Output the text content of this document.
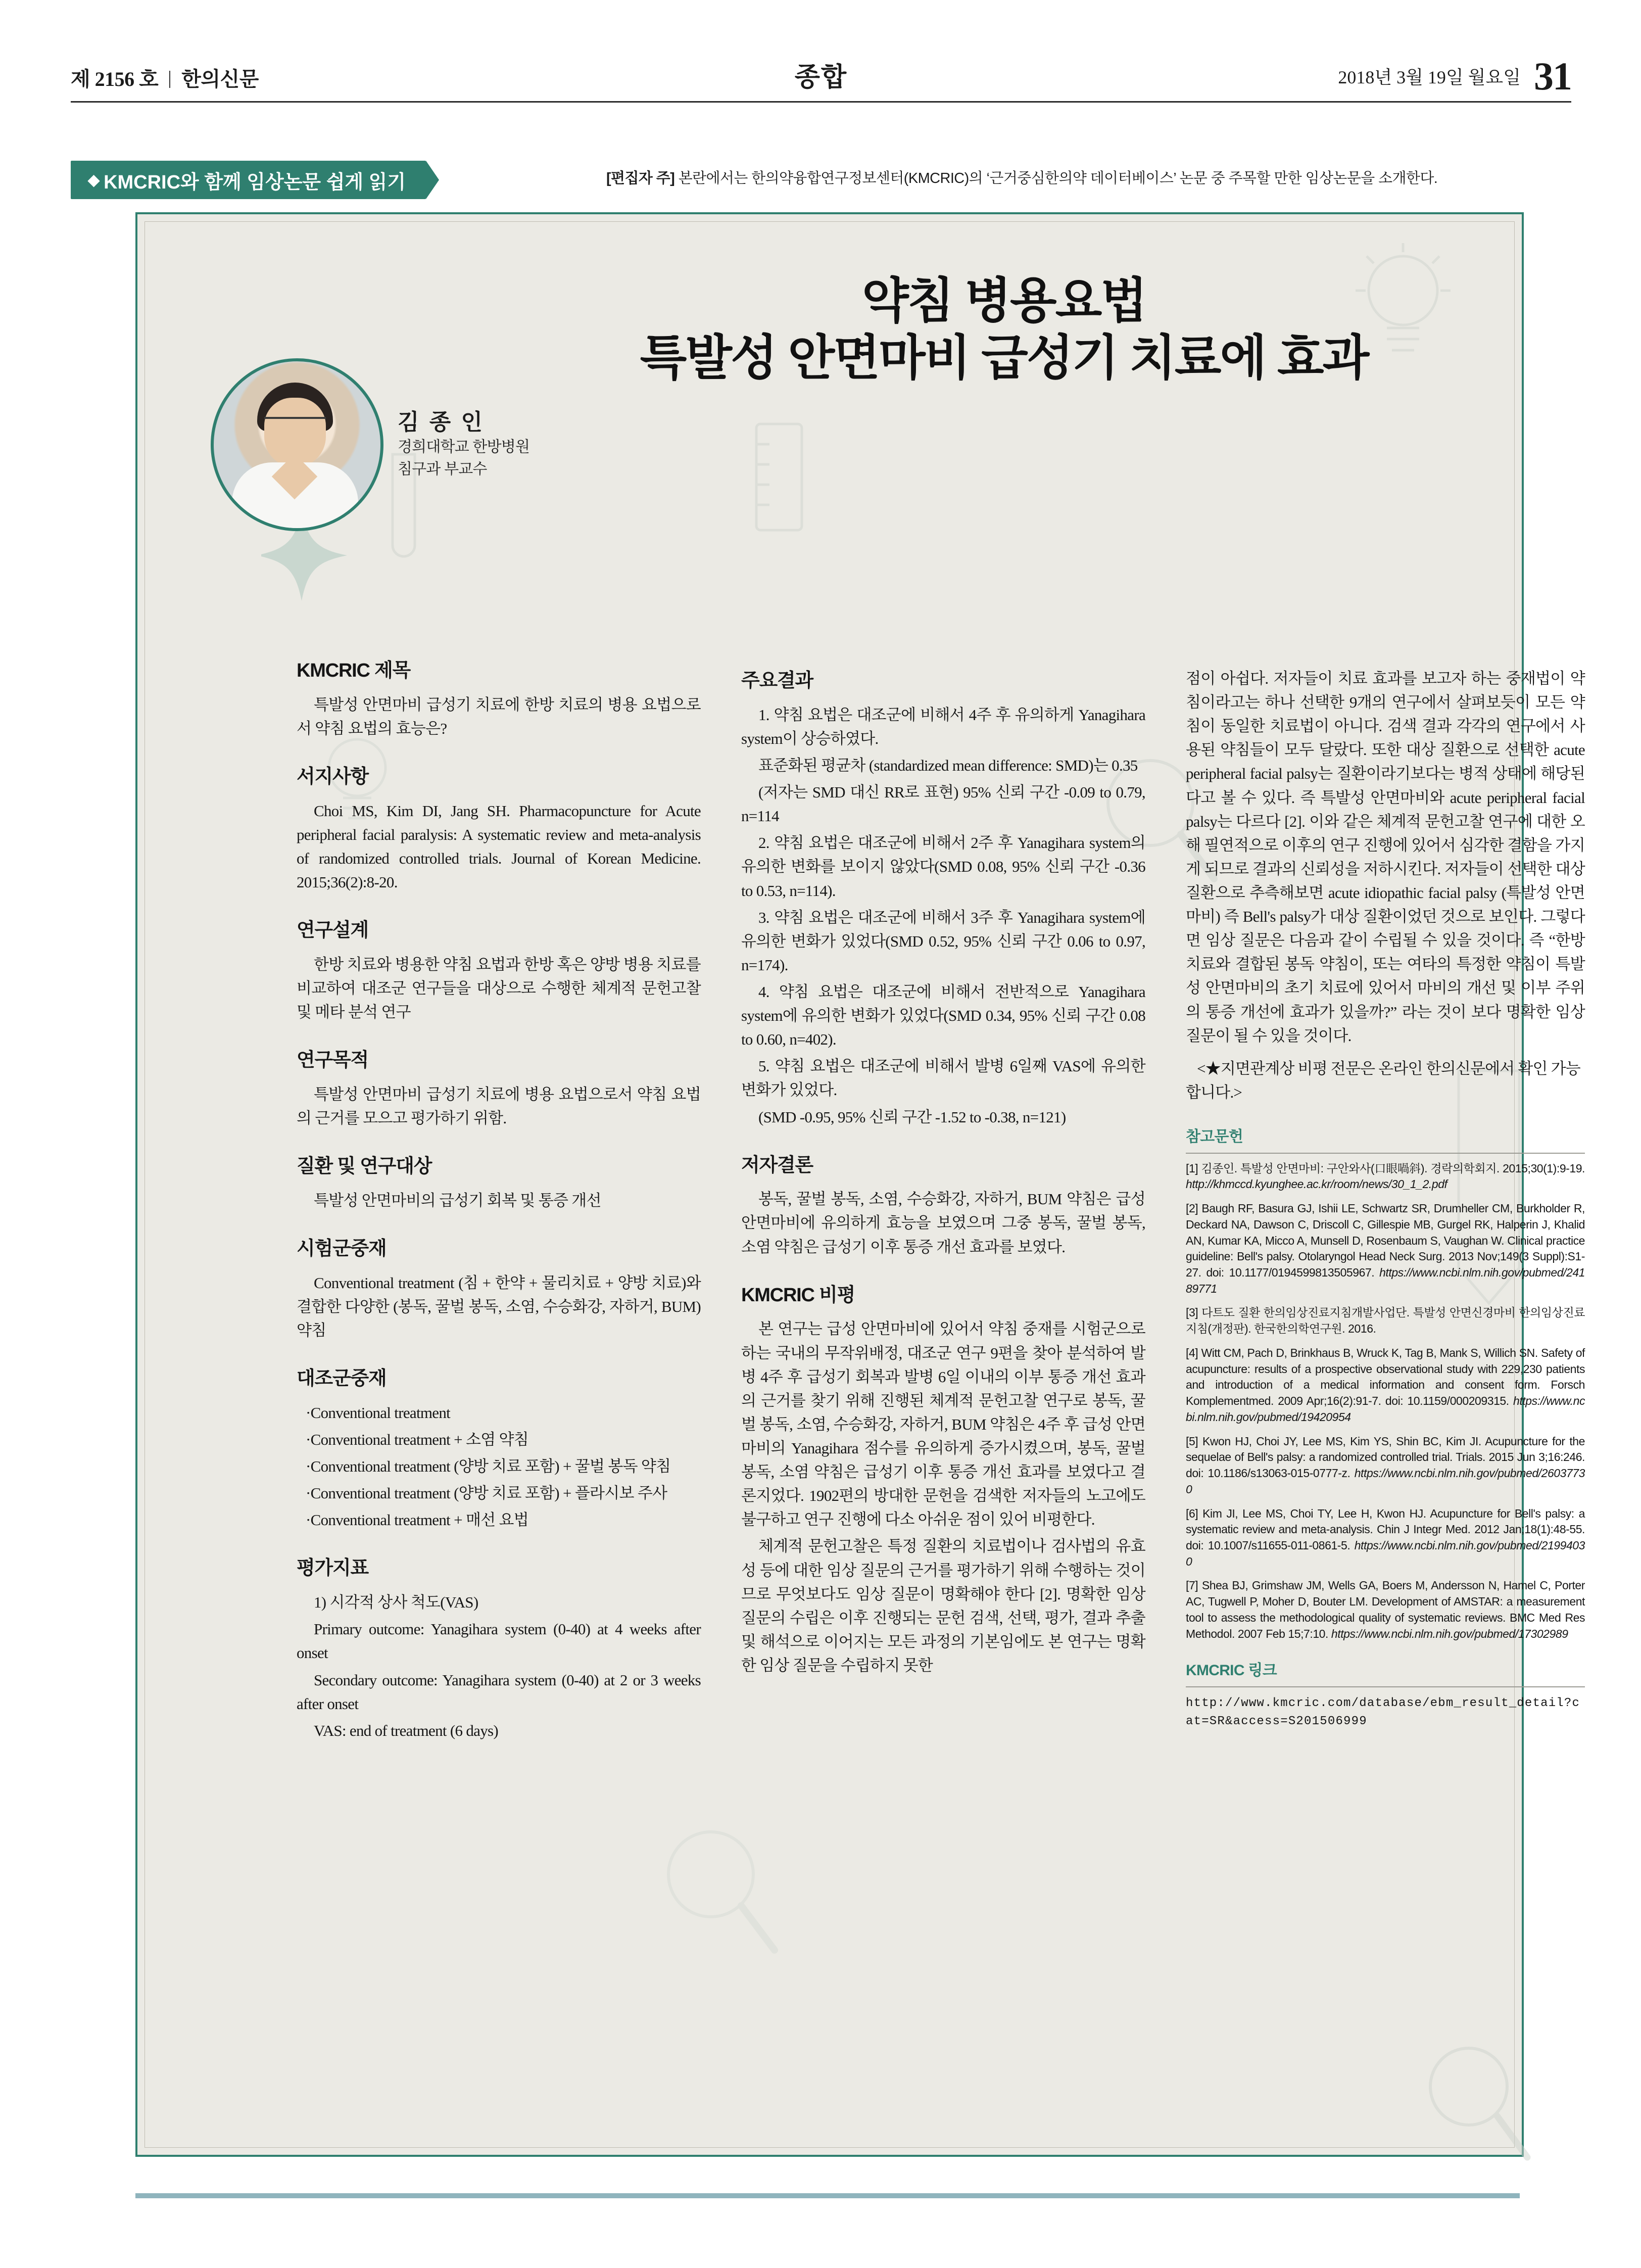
제 2156 호 한의신문	종합	2018년 3월 19일 월요일 31
◆ KMCRIC와 함께 임상논문 쉽게 읽기	[편집자 주] 본란에서는 한의약융합연구정보센터(KMCRIC)의 ‘근거중심한의약 데이터베이스’ 논문 중 주목할 만한 임상논문을 소개한다.
약침 병용요법
특발성 안면마비 급성기 치료에 효과
김 종 인
경희대학교 한방병원
침구과 부교수
KMCRIC 제목

특발성 안면마비 급성기 치료에 한방 치료의 병용 요법으로서 약침 요법의 효능은?

서지사항

Choi MS, Kim DI, Jang SH. Pharmacopuncture for Acute peripheral facial paralysis: A systematic review and meta-analysis of randomized controlled trials. Journal of Korean Medicine. 2015;36(2):8-20.

연구설계

한방 치료와 병용한 약침 요법과 한방 혹은 양방 병용 치료를 비교하여 대조군 연구들을 대상으로 수행한 체계적 문헌고찰 및 메타 분석 연구

연구목적

특발성 안면마비 급성기 치료에 병용 요법으로서 약침 요법의 근거를 모으고 평가하기 위함.

질환 및 연구대상

특발성 안면마비의 급성기 회복 및 통증 개선

시험군중재

Conventional treatment (침 + 한약 + 물리치료 + 양방 치료)와 결합한 다양한 (봉독, 꿀벌 봉독, 소염, 수승화강, 자하거, BUM) 약침

대조군중재

·Conventional treatment

·Conventional treatment + 소염 약침

·Conventional treatment (양방 치료 포함) + 꿀벌 봉독 약침

·Conventional treatment (양방 치료 포함) + 플라시보 주사

·Conventional treatment + 매선 요법

평가지표

1) 시각적 상사 척도(VAS)

Primary outcome: Yanagihara system (0-40) at 4 weeks after onset

Secondary outcome: Yanagihara system (0-40) at 2 or 3 weeks after onset

VAS: end of treatment (6 days)

주요결과

1. 약침 요법은 대조군에 비해서 4주 후 유의하게 Yanagihara system이 상승하였다.

표준화된 평균차 (standardized mean difference: SMD)는 0.35

(저자는 SMD 대신 RR로 표현) 95% 신뢰 구간 -0.09 to 0.79, n=114

2. 약침 요법은 대조군에 비해서 2주 후 Yanagihara system의 유의한 변화를 보이지 않았다(SMD 0.08, 95% 신뢰 구간 -0.36 to 0.53, n=114).

3. 약침 요법은 대조군에 비해서 3주 후 Yanagihara system에 유의한 변화가 있었다(SMD 0.52, 95% 신뢰 구간 0.06 to 0.97, n=174).

4. 약침 요법은 대조군에 비해서 전반적으로 Yanagihara system에 유의한 변화가 있었다(SMD 0.34, 95% 신뢰 구간 0.08 to 0.60, n=402).

5. 약침 요법은 대조군에 비해서 발병 6일째 VAS에 유의한 변화가 있었다.

(SMD -0.95, 95% 신뢰 구간 -1.52 to -0.38, n=121)

저자결론

봉독, 꿀벌 봉독, 소염, 수승화강, 자하거, BUM 약침은 급성 안면마비에 유의하게 효능을 보였으며 그중 봉독, 꿀벌 봉독, 소염 약침은 급성기 이후 통증 개선 효과를 보였다.

KMCRIC 비평

본 연구는 급성 안면마비에 있어서 약침 중재를 시험군으로 하는 국내의 무작위배정, 대조군 연구 9편을 찾아 분석하여 발병 4주 후 급성기 회복과 발병 6일 이내의 이부 통증 개선 효과의 근거를 찾기 위해 진행된 체계적 문헌고찰 연구로 봉독, 꿀벌 봉독, 소염, 수승화강, 자하거, BUM 약침은 4주 후 급성 안면마비의 Yanagihara 점수를 유의하게 증가시켰으며, 봉독, 꿀벌 봉독, 소염 약침은 급성기 이후 통증 개선 효과를 보였다고 결론지었다. 1902편의 방대한 문헌을 검색한 저자들의 노고에도 불구하고 연구 진행에 다소 아쉬운 점이 있어 비평한다.

체계적 문헌고찰은 특정 질환의 치료법이나 검사법의 유효성 등에 대한 임상 질문의 근거를 평가하기 위해 수행하는 것이므로 무엇보다도 임상 질문이 명확해야 한다 [2]. 명확한 임상 질문의 수립은 이후 진행되는 문헌 검색, 선택, 평가, 결과 추출 및 해석으로 이어지는 모든 과정의 기본임에도 본 연구는 명확한 임상 질문을 수립하지 못한

점이 아쉽다. 저자들이 치료 효과를 보고자 하는 중재법이 약침이라고는 하나 선택한 9개의 연구에서 살펴보듯이 모든 약침이 동일한 치료법이 아니다. 검색 결과 각각의 연구에서 사용된 약침들이 모두 달랐다. 또한 대상 질환으로 선택한 acute peripheral facial palsy는 질환이라기보다는 병적 상태에 해당된다고 볼 수 있다. 즉 특발성 안면마비와 acute peripheral facial palsy는 다르다 [2]. 이와 같은 체계적 문헌고찰 연구에 대한 오해 필연적으로 이후의 연구 진행에 있어서 심각한 결함을 가지게 되므로 결과의 신뢰성을 저하시킨다. 저자들이 선택한 대상 질환으로 추측해보면 acute idiopathic facial palsy (특발성 안면마비) 즉 Bell's palsy가 대상 질환이었던 것으로 보인다. 그렇다면 임상 질문은 다음과 같이 수립될 수 있을 것이다. 즉 “한방 치료와 결합된 봉독 약침이, 또는 여타의 특정한 약침이 특발성 안면마비의 초기 치료에 있어서 마비의 개선 및 이부 주위의 통증 개선에 효과가 있을까?” 라는 것이 보다 명확한 임상 질문이 될 수 있을 것이다.

<★지면관계상 비평 전문은 온라인 한의신문에서 확인 가능합니다.>

참고문헌
[1] 김종인. 특발성 안면마비: 구안와사(口眼喎斜). 경락의학회지. 2015;30(1):9-19. http://khmccd.kyunghee.ac.kr/room/news/30_1_2.pdf
[2] Baugh RF, Basura GJ, Ishii LE, Schwartz SR, Drumheller CM, Burkholder R, Deckard NA, Dawson C, Driscoll C, Gillespie MB, Gurgel RK, Halperin J, Khalid AN, Kumar KA, Micco A, Munsell D, Rosenbaum S, Vaughan W. Clinical practice guideline: Bell's palsy. Otolaryngol Head Neck Surg. 2013 Nov;149(3 Suppl):S1-27. doi: 10.1177/0194599813505967. https://www.ncbi.nlm.nih.gov/pubmed/24189771
[3] 다트도 질환 한의임상진료지침개발사업단. 특발성 안면신경마비 한의임상진료지침(개정판). 한국한의학연구원. 2016.
[4] Witt CM, Pach D, Brinkhaus B, Wruck K, Tag B, Mank S, Willich SN. Safety of acupuncture: results of a prospective observational study with 229,230 patients and introduction of a medical information and consent form. Forsch Komplementmed. 2009 Apr;16(2):91-7. doi: 10.1159/000209315. https://www.ncbi.nlm.nih.gov/pubmed/19420954
[5] Kwon HJ, Choi JY, Lee MS, Kim YS, Shin BC, Kim JI. Acupuncture for the sequelae of Bell's palsy: a randomized controlled trial. Trials. 2015 Jun 3;16:246. doi: 10.1186/s13063-015-0777-z. https://www.ncbi.nlm.nih.gov/pubmed/26037730
[6] Kim JI, Lee MS, Choi TY, Lee H, Kwon HJ. Acupuncture for Bell's palsy: a systematic review and meta-analysis. Chin J Integr Med. 2012 Jan;18(1):48-55. doi: 10.1007/s11655-011-0861-5. https://www.ncbi.nlm.nih.gov/pubmed/21994030
[7] Shea BJ, Grimshaw JM, Wells GA, Boers M, Andersson N, Hamel C, Porter AC, Tugwell P, Moher D, Bouter LM. Development of AMSTAR: a measurement tool to assess the methodological quality of systematic reviews. BMC Med Res Methodol. 2007 Feb 15;7:10. https://www.ncbi.nlm.nih.gov/pubmed/17302989
KMCRIC 링크
http://www.kmcric.com/database/ebm_result_detail?cat=SR&access=S201506999
